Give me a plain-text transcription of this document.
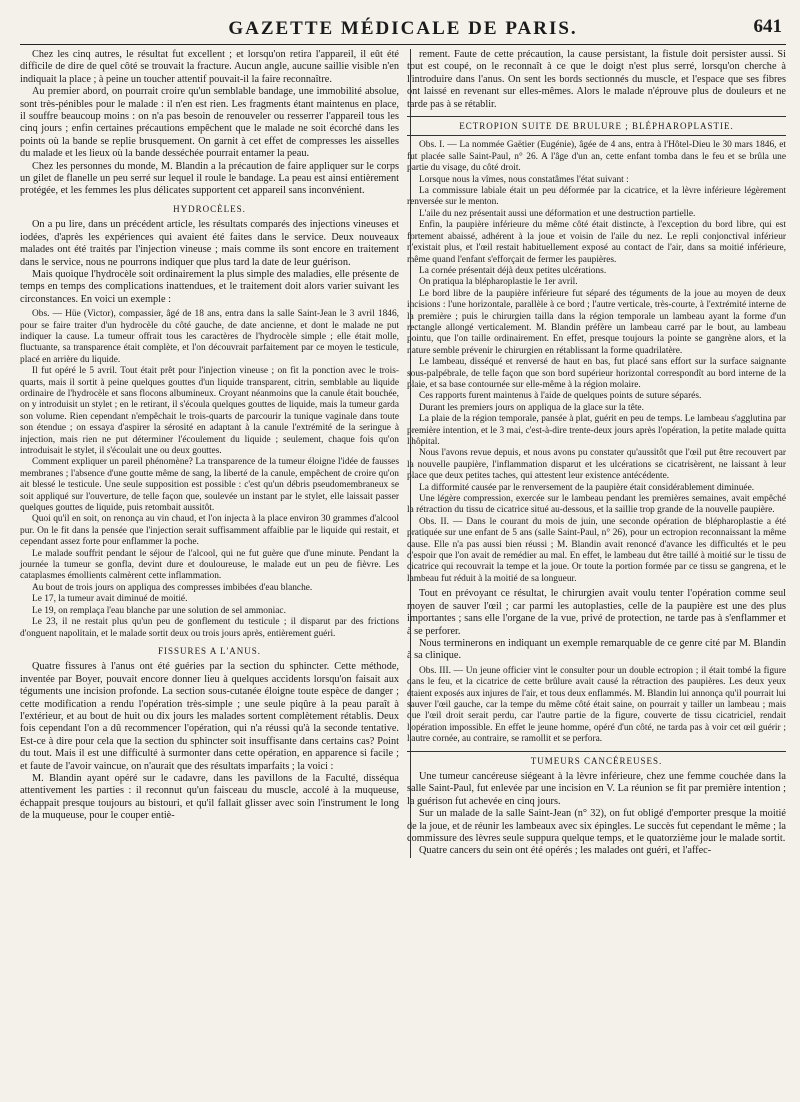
GAZETTE MÉDICALE DE PARIS.	641

Chez les cinq autres, le résultat fut excellent ; et lorsqu'on retira l'appareil, il eût été difficile de dire de quel côté se trouvait la fracture. Aucun angle, aucune saillie visible n'en indiquait la place ; à peine un toucher attentif pouvait-il la faire reconnaître.

Au premier abord, on pourrait croire qu'un semblable bandage, une immobilité absolue, sont très-pénibles pour le malade : il n'en est rien. Les fragments étant maintenus en place, il souffre beaucoup moins : on n'a pas besoin de renouveler ou resserrer l'appareil tous les cinq jours ; enfin certaines précautions empêchent que le malade ne soit écorché dans les points où la bande se replie brusquement. On garnit à cet effet de compresses les aisselles du malade et les lieux où la bande desséchée pourrait entamer la peau.

Chez les personnes du monde, M. Blandin a la précaution de faire appliquer sur le corps un gilet de flanelle un peu serré sur lequel il roule le bandage. La peau est ainsi entièrement protégée, et les femmes les plus délicates supportent cet appareil sans inconvénient.

HYDROCÈLES.

On a pu lire, dans un précédent article, les résultats comparés des injections vineuses et iodées, d'après les expériences qui avaient été faites dans le service. Deux nouveaux malades ont été traités par l'injection vineuse ; mais comme ils sont encore en traitement dans le service, nous ne pourrons indiquer que plus tard la date de leur guérison.

Mais quoique l'hydrocèle soit ordinairement la plus simple des maladies, elle présente de temps en temps des complications inattendues, et le traitement doit alors varier suivant les circonstances. En voici un exemple :

Obs. — Hüe (Victor), compassier, âgé de 18 ans, entra dans la salle Saint-Jean le 3 avril 1846, pour se faire traiter d'un hydrocèle du côté gauche, de date ancienne, et dont le malade ne put indiquer la cause. La tumeur offrait tous les caractères de l'hydrocèle simple ; elle était molle, fluctuante, sa transparence était complète, et l'on découvrait parfaitement par ce moyen le testicule, placé en arrière du liquide.

Il fut opéré le 5 avril. Tout était prêt pour l'injection vineuse ; on fit la ponction avec le trois-quarts, mais il sortit à peine quelques gouttes d'un liquide transparent, citrin, semblable au liquide ordinaire de l'hydrocèle et sans flocons albumineux. Croyant néanmoins que la canule était bouchée, on y introduisit un stylet ; en le retirant, il s'écoula quelques gouttes de liquide, mais la tumeur garda son volume. Rien cependant n'empêchait le trois-quarts de parcourir la tunique vaginale dans toute son étendue ; on essaya d'aspirer la sérosité en adaptant à la canule l'extrémité de la seringue à injection, mais rien ne put déterminer l'écoulement du liquide ; seulement, chaque fois qu'on introduisait le stylet, il s'écoulait une ou deux gouttes.

Comment expliquer un pareil phénomène? La transparence de la tumeur éloigne l'idée de fausses membranes ; l'absence d'une goutte même de sang, la liberté de la canule, empêchent de croire qu'on ait blessé le testicule. Une seule supposition est possible : c'est qu'un débris pseudomembraneux se soit appliqué sur l'ouverture, de telle façon que, soulevée un instant par le stylet, elle laissait passer quelques gouttes de liquide, puis retombait aussitôt.

Quoi qu'il en soit, on renonça au vin chaud, et l'on injecta à la place environ 30 grammes d'alcool pur. On le fit dans la pensée que l'injection serait suffisamment affaiblie par le liquide qui restait, et cependant assez forte pour enflammer la poche.

Le malade souffrit pendant le séjour de l'alcool, qui ne fut guère que d'une minute. Pendant la journée la tumeur se gonfla, devint dure et douloureuse, le malade eut un peu de fièvre. Les cataplasmes émollients calmèrent cette inflammation.

Au bout de trois jours on appliqua des compresses imbibées d'eau blanche.

Le 17, la tumeur avait diminué de moitié.

Le 19, on remplaça l'eau blanche par une solution de sel ammoniac.

Le 23, il ne restait plus qu'un peu de gonflement du testicule ; il disparut par des frictions d'onguent napolitain, et le malade sortit deux ou trois jours après, entièrement guéri.

FISSURES A L'ANUS.

Quatre fissures à l'anus ont été guéries par la section du sphincter. Cette méthode, inventée par Boyer, pouvait encore donner lieu à quelques accidents lorsqu'on faisait aux téguments une incision profonde. La section sous-cutanée éloigne toute espèce de danger ; cette modification a rendu l'opération très-simple ; une seule piqûre à la peau paraît à l'extérieur, et au bout de huit ou dix jours les malades sortent complètement rétablis. Deux fois cependant l'on a dû recommencer l'opération, qui n'a réussi qu'à la seconde tentative. Est-ce à dire pour cela que la section du sphincter soit insuffisante dans certains cas? Point du tout. Mais il est une difficulté à surmonter dans cette opération, en apparence si facile ; et faute de l'avoir vaincue, on n'aurait que des résultats imparfaits ; la voici :

M. Blandin ayant opéré sur le cadavre, dans les pavillons de la Faculté, disséqua attentivement les parties : il reconnut qu'un faisceau du muscle, accolé à la muqueuse, échappait presque toujours au bistouri, et qu'il fallait glisser avec soin l'instrument le long de la muqueuse, pour le couper entiè-

rement. Faute de cette précaution, la cause persistant, la fistule doit persister aussi. Si tout est coupé, on le reconnaît à ce que le doigt n'est plus serré, lorsqu'on cherche à l'introduire dans l'anus. On sent les bords sectionnés du muscle, et l'espace que ses fibres ont laissé en revenant sur elles-mêmes. Alors le malade n'éprouve plus de douleurs et ne tarde pas à se rétablir.

ECTROPION SUITE DE BRULURE ; BLÉPHAROPLASTIE.

Obs. I. — La nommée Gaëtier (Eugénie), âgée de 4 ans, entra à l'Hôtel-Dieu le 30 mars 1846, et fut placée salle Saint-Paul, n° 26. A l'âge d'un an, cette enfant tomba dans le feu et se brûla une partie du visage, du côté droit.

Lorsque nous la vîmes, nous constatâmes l'état suivant :

La commissure labiale était un peu déformée par la cicatrice, et la lèvre inférieure légèrement renversée sur le menton.

L'aile du nez présentait aussi une déformation et une destruction partielle.

Enfin, la paupière inférieure du même côté était distincte, à l'exception du bord libre, qui est fortement abaissé, adhérent à la joue et voisin de l'aile du nez. Le repli conjonctival inférieur n'existait plus, et l'œil restait habituellement exposé au contact de l'air, dans sa moitié inférieure, même quand l'enfant s'efforçait de fermer les paupières.

La cornée présentait déjà deux petites ulcérations.

On pratiqua la blépharoplastie le 1er avril.

Le bord libre de la paupière inférieure fut séparé des téguments de la joue au moyen de deux incisions : l'une horizontale, parallèle à ce bord ; l'autre verticale, très-courte, à l'extrémité interne de la première ; puis le chirurgien tailla dans la région temporale un lambeau ayant la forme d'un rectangle allongé verticalement. M. Blandin préfère un lambeau carré par le bout, au lambeau pointu, que l'on taille ordinairement. En effet, presque toujours la pointe se gangrène alors, et la nature semble prévenir le chirurgien en rétablissant la forme quadrilatère.

Le lambeau, disséqué et renversé de haut en bas, fut placé sans effort sur la surface saignante sous-palpébrale, de telle façon que son bord supérieur horizontal correspondît au bord interne de la plaie, et sa base contournée sur elle-même à la région molaire.

Ces rapports furent maintenus à l'aide de quelques points de suture séparés.

Durant les premiers jours on appliqua de la glace sur la tête.

La plaie de la région temporale, pansée à plat, guérit en peu de temps. Le lambeau s'agglutina par première intention, et le 3 mai, c'est-à-dire trente-deux jours après l'opération, la petite malade quitta l'hôpital.

Nous l'avons revue depuis, et nous avons pu constater qu'aussitôt que l'œil put être recouvert par la nouvelle paupière, l'inflammation disparut et les ulcérations se cicatrisèrent, ne laissant à leur place que deux petites taches, qui attestent leur existence antécédente.

La difformité causée par le renversement de la paupière était considérablement diminuée.

Une légère compression, exercée sur le lambeau pendant les premières semaines, avait empêché la rétraction du tissu de cicatrice situé au-dessous, et la saillie trop grande de la nouvelle paupière.

Obs. II. — Dans le courant du mois de juin, une seconde opération de blépharoplastie a été pratiquée sur une enfant de 5 ans (salle Saint-Paul, n° 26), pour un ectropion reconnaissant la même cause. Elle n'a pas aussi bien réussi ; M. Blandin avait renoncé d'avance les difficultés et le peu d'espoir que l'on avait de remédier au mal. En effet, le lambeau dut être taillé à moitié sur le tissu de cicatrice qui recouvrait la tempe et la joue. Or toute la portion formée par ce tissu se gangrena, et le lambeau fut réduit à la moitié de sa longueur.

Tout en prévoyant ce résultat, le chirurgien avait voulu tenter l'opération comme seul moyen de sauver l'œil ; car parmi les autoplasties, celle de la paupière est une des plus importantes ; sans elle l'organe de la vue, privé de protection, ne tarde pas à s'enflammer et à se perforer.

Nous terminerons en indiquant un exemple remarquable de ce genre cité par M. Blandin à sa clinique.

Obs. III. — Un jeune officier vint le consulter pour un double ectropion ; il était tombé la figure dans le feu, et la cicatrice de cette brûlure avait causé la rétraction des paupières. Les deux yeux étaient exposés aux injures de l'air, et tous deux enflammés. M. Blandin lui annonça qu'il pourrait lui sauver l'œil gauche, car la tempe du même côté était saine, on pourrait y tailler un lambeau ; mais que l'œil droit serait perdu, car l'autre partie de la figure, couverte de tissu cicatriciel, rendait l'opération impossible. En effet le jeune homme, opéré d'un côté, ne tarda pas à voir cet œil guérir ; l'autre cornée, au contraire, se ramollit et se perfora.

TUMEURS CANCÉREUSES.

Une tumeur cancéreuse siégeant à la lèvre inférieure, chez une femme couchée dans la salle Saint-Paul, fut enlevée par une incision en V. La réunion se fit par première intention ; la guérison fut achevée en cinq jours.

Sur un malade de la salle Saint-Jean (n° 32), on fut obligé d'emporter presque la moitié de la joue, et de réunir les lambeaux avec six épingles. Le succès fut cependant le même ; la commissure des lèvres seule suppura quelque temps, et le quatorzième jour le malade sortit.

Quatre cancers du sein ont été opérés ; les malades ont guéri, et l'affec-
